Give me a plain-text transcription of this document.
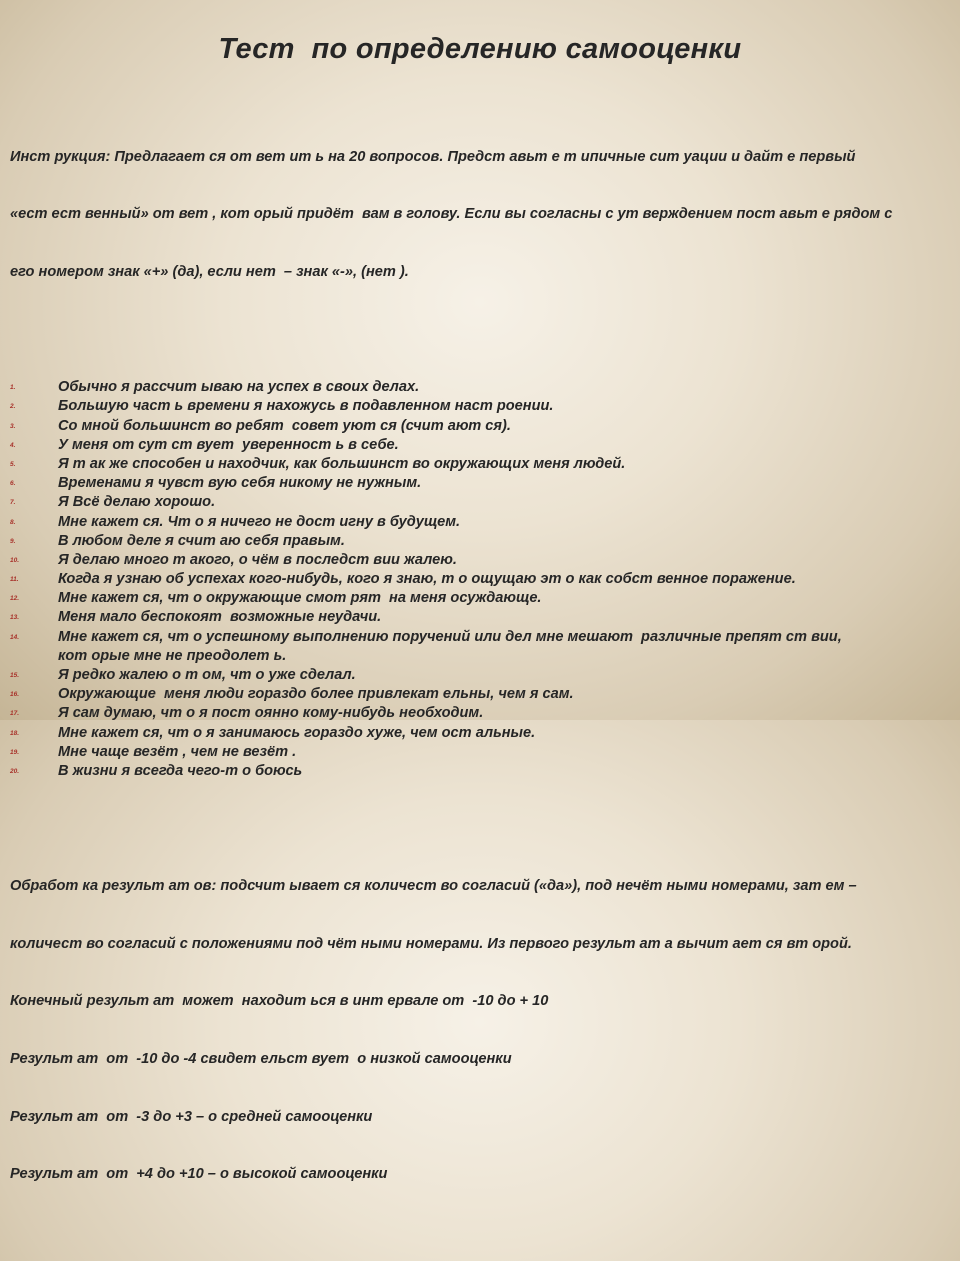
Тест  по определению самооценки

Инст рукция: Предлагает ся от вет ит ь на 20 вопросов. Предст авьт е т ипичные сит уации и дайт е первый

«ест ест венный» от вет , кот орый придёт  вам в голову. Если вы согласны с ут верждением пост авьт е рядом с

его номером знак «+» (да), если нет  – знак «-», (нет ).

1.	Обычно я рассчит ываю на успех в своих делах.
2.	Большую част ь времени я нахожусь в подавленном наст роении.
3.	Со мной большинст во ребят  совет уют ся (счит ают ся).
4.	У меня от сут ст вует  уверенност ь в себе.
5.	Я т ак же способен и находчик, как большинст во окружающих меня людей.
6.	Временами я чувст вую себя никому не нужным.
7.	Я Всё делаю хорошо.
8.	Мне кажет ся. Чт о я ничего не дост игну в будущем.
9.	В любом деле я счит аю себя правым.
10.	Я делаю много т акого, о чём в последст вии жалею.
11.	Когда я узнаю об успехах кого-нибудь, кого я знаю, т о ощущаю эт о как собст венное поражение.
12.	Мне кажет ся, чт о окружающие смот рят  на меня осуждающе.
13.	Меня мало беспокоят  возможные неудачи.
14.	Мне кажет ся, чт о успешному выполнению поручений или дел мне мешают  различные препят ст вии,
кот орые мне не преодолет ь.
15.	Я редко жалею о т ом, чт о уже сделал.
16.	Окружающие  меня люди гораздо более привлекат ельны, чем я сам.
17.	Я сам думаю, чт о я пост оянно кому-нибудь необходим.
18.	Мне кажет ся, чт о я занимаюсь гораздо хуже, чем ост альные.
19.	Мне чаще везёт , чем не везёт .
20.	В жизни я всегда чего-т о боюсь

Обработ ка результ ат ов: подсчит ывает ся количест во согласий («да»), под нечёт ными номерами, зат ем –

количест во согласий с положениями под чёт ными номерами. Из первого результ ат а вычит ает ся вт орой.

Конечный результ ат  может  находит ься в инт ервале от  -10 до + 10

Результ ат  от  -10 до -4 свидет ельст вует  о низкой самооценки

Результ ат  от  -3 до +3 – о средней самооценки

Результ ат  от  +4 до +10 – о высокой самооценки
